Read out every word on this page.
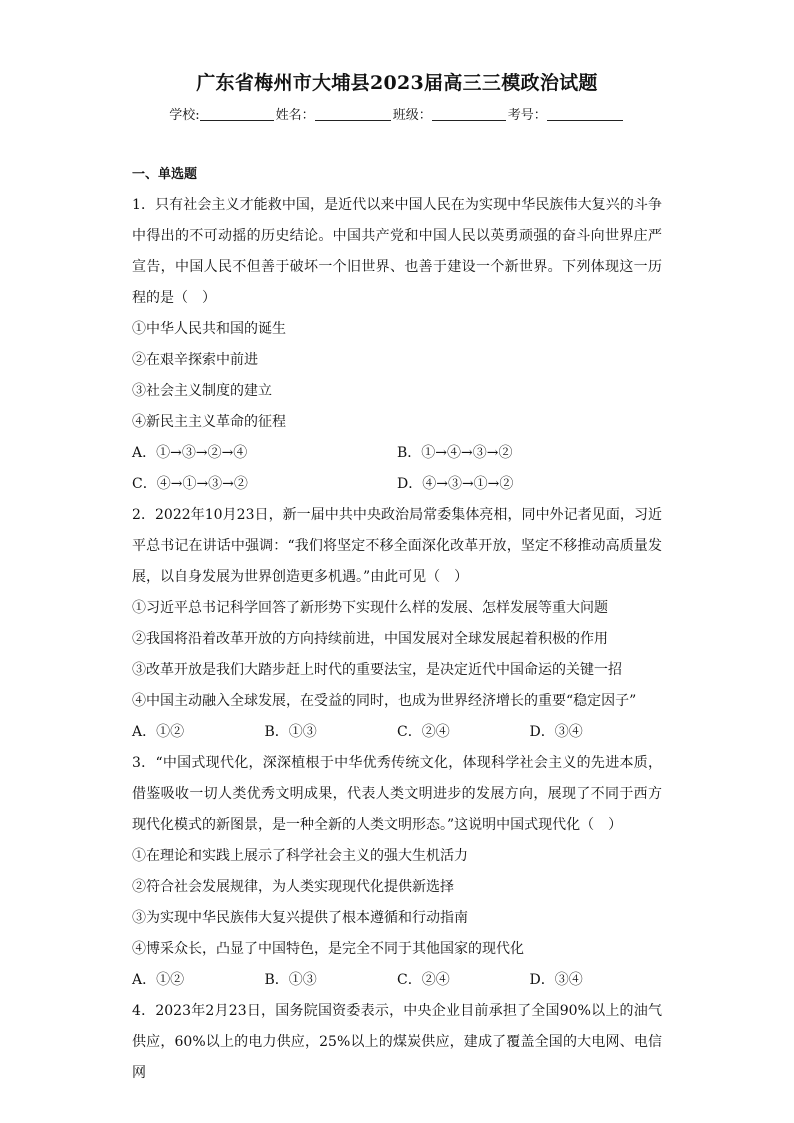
广东省梅州市大埔县2023届高三三模政治试题
学校:	姓名：	班级：	考号：
一、单选题

1．只有社会主义才能救中国，是近代以来中国人民在为实现中华民族伟大复兴的斗争中得出的不可动摇的历史结论。中国共产党和中国人民以英勇顽强的奋斗向世界庄严宣告，中国人民不但善于破坏一个旧世界、也善于建设一个新世界。下列体现这一历程的是（　）

①中华人民共和国的诞生

②在艰辛探索中前进

③社会主义制度的建立

④新民主主义革命的征程

A．①→③→②→④	B．①→④→③→②
C．④→①→③→②	D．④→③→①→②

2．2022年10月23日，新一届中共中央政治局常委集体亮相，同中外记者见面，习近平总书记在讲话中强调：“我们将坚定不移全面深化改革开放，坚定不移推动高质量发展，以自身发展为世界创造更多机遇。”由此可见（　）

①习近平总书记科学回答了新形势下实现什么样的发展、怎样发展等重大问题

②我国将沿着改革开放的方向持续前进，中国发展对全球发展起着积极的作用

③改革开放是我们大踏步赶上时代的重要法宝，是决定近代中国命运的关键一招

④中国主动融入全球发展，在受益的同时，也成为世界经济增长的重要“稳定因子”

A．①②	B．①③	C．②④	D．③④

3．“中国式现代化，深深植根于中华优秀传统文化，体现科学社会主义的先进本质，借鉴吸收一切人类优秀文明成果，代表人类文明进步的发展方向，展现了不同于西方现代化模式的新图景，是一种全新的人类文明形态。”这说明中国式现代化（　）

①在理论和实践上展示了科学社会主义的强大生机活力

②符合社会发展规律，为人类实现现代化提供新选择

③为实现中华民族伟大复兴提供了根本遵循和行动指南

④博采众长，凸显了中国特色，是完全不同于其他国家的现代化

A．①②	B．①③	C．②④	D．③④

4．2023年2月23日，国务院国资委表示，中央企业目前承担了全国90%以上的油气供应，60%以上的电力供应，25%以上的煤炭供应，建成了覆盖全国的大电网、电信网
